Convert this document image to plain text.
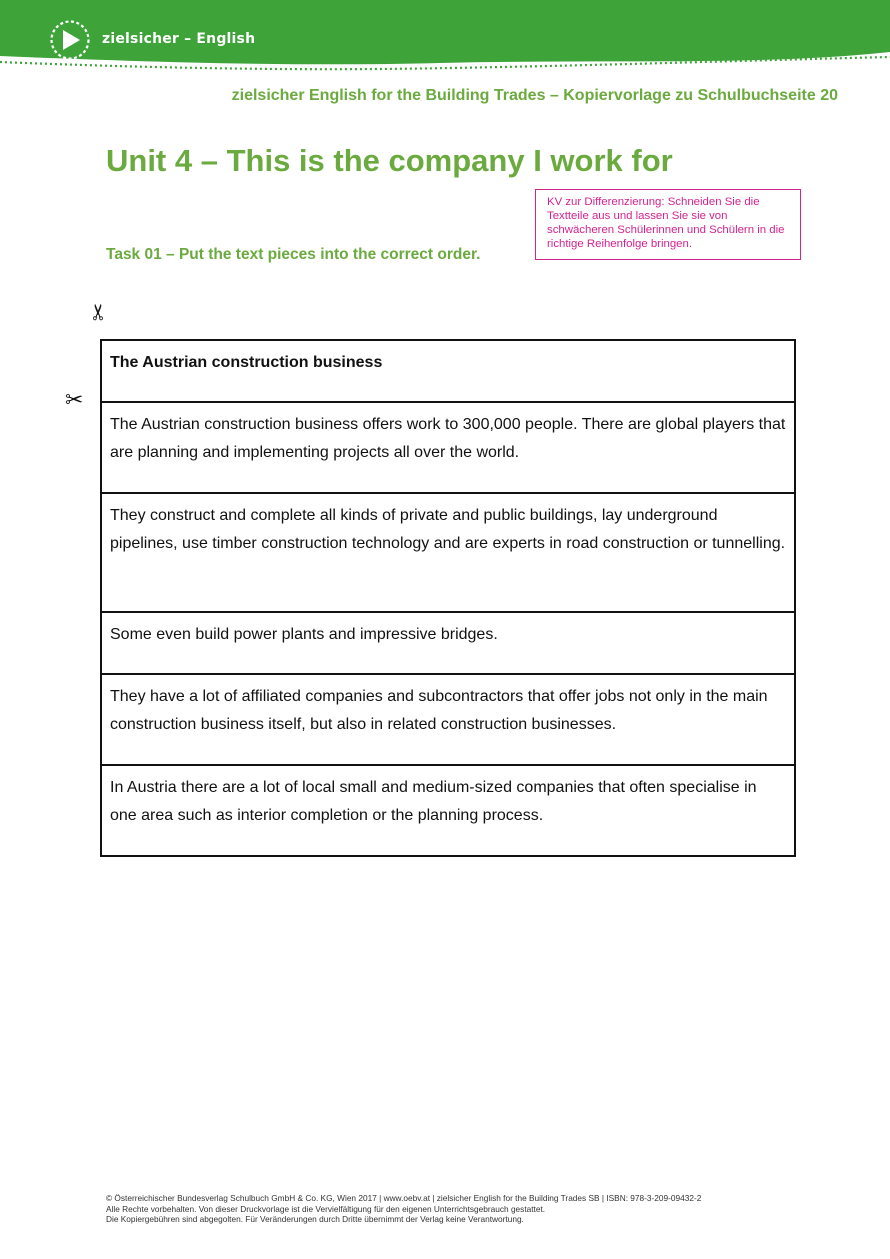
zielsicher – English
zielsicher English for the Building Trades – Kopiervorlage zu Schulbuchseite 20
Unit 4 – This is the company I work for
KV zur Differenzierung: Schneiden Sie die Textteile aus und lassen Sie sie von schwächeren Schülerinnen und Schülern in die richtige Reihenfolge bringen.
Task 01 – Put the text pieces into the correct order.
✂
✂
The Austrian construction business
The Austrian construction business offers work to 300,000 people. There are global players that are planning and implementing projects all over the world.
They construct and complete all kinds of private and public buildings, lay underground pipelines, use timber construction technology and are experts in road construction or tunnelling.
Some even build power plants and impressive bridges.
They have a lot of affiliated companies and subcontractors that offer jobs not only in the main construction business itself, but also in related construction businesses.
In Austria there are a lot of local small and medium-sized companies that often specialise in one area such as interior completion or the planning process.
© Österreichischer Bundesverlag Schulbuch GmbH & Co. KG, Wien 2017 | www.oebv.at | zielsicher English for the Building Trades SB | ISBN: 978-3-209-09432-2
Alle Rechte vorbehalten. Von dieser Druckvorlage ist die Vervielfältigung für den eigenen Unterrichtsgebrauch gestattet.
Die Kopiergebühren sind abgegolten. Für Veränderungen durch Dritte übernimmt der Verlag keine Verantwortung.
